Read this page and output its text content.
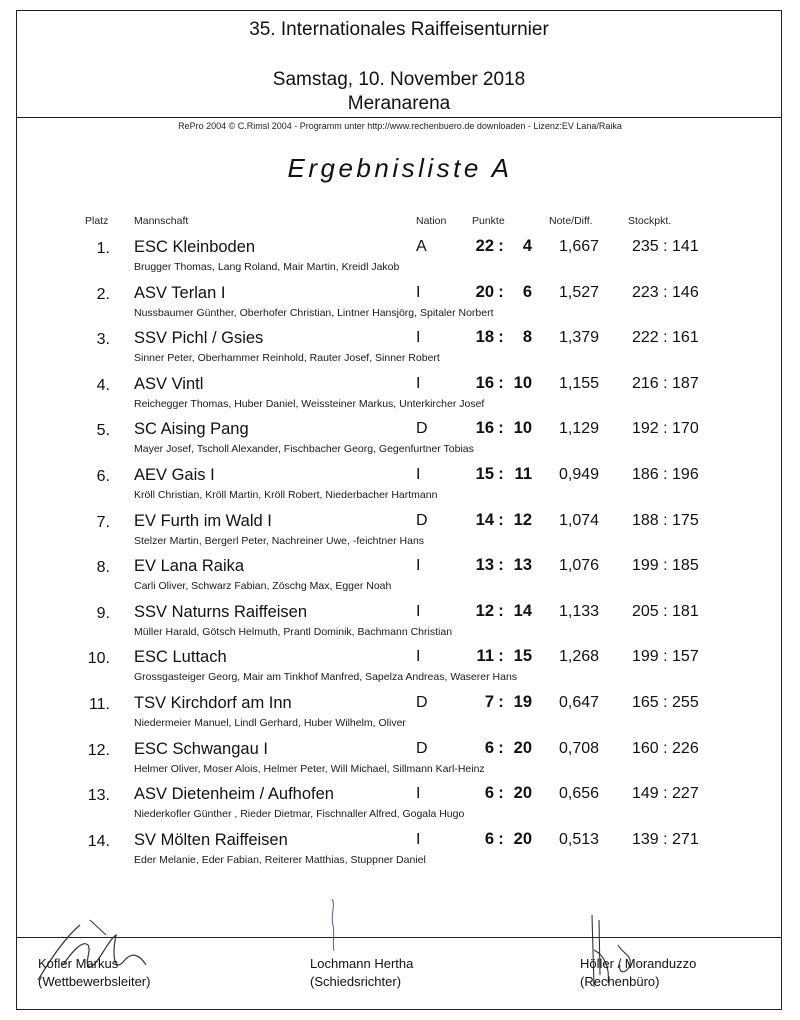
35. Internationales Raiffeisenturnier
Samstag, 10. November 2018
Meranarena
RePro 2004 © C.Rimsl 2004 - Programm unter http://www.rechenbuero.de downloaden - Lizenz:EV Lana/Raika
Ergebnisliste A
Platz Mannschaft	Nation Punkte	Note/Diff.	Stockpkt.
1. ESC Kleinboden	A	22 :	4 1,667 235 : 141
Brugger Thomas, Lang Roland, Mair Martin, Kreidl Jakob
2. ASV Terlan I	I	20 :	6 1,527 223 : 146
Nussbaumer Günther, Oberhofer Christian, Lintner Hansjörg, Spitaler Norbert
3. SSV Pichl / Gsies	I	18 :	8 1,379 222 : 161
Sinner Peter, Oberhammer Reinhold, Rauter Josef, Sinner Robert
4. ASV Vintl	I	16 : 10 1,155 216 : 187
Reichegger Thomas, Huber Daniel, Weissteiner Markus, Unterkircher Josef
5. SC Aising Pang	D	16 : 10 1,129 192 : 170
Mayer Josef, Tscholl Alexander, Fischbacher Georg, Gegenfurtner Tobias
6. AEV Gais I	I	15 : 11 0,949 186 : 196
Kröll Christian, Kröll Martin, Kröll Robert, Niederbacher Hartmann
7. EV Furth im Wald I	D	14 : 12 1,074 188 : 175
Stelzer Martin, Bergerl Peter, Nachreiner Uwe, -feichtner Hans
8. EV Lana Raika	I	13 : 13 1,076 199 : 185
Carli Oliver, Schwarz Fabian, Zöschg Max, Egger Noah
9. SSV Naturns Raiffeisen	I	12 : 14 1,133 205 : 181
Müller Harald, Götsch Helmuth, Prantl Dominik, Bachmann Christian
10. ESC Luttach	I	11 : 15 1,268 199 : 157
Grossgasteiger Georg, Mair am Tinkhof Manfred, Sapelza Andreas, Waserer Hans
11. TSV Kirchdorf am Inn	D	7 : 19 0,647 165 : 255
Niedermeier Manuel, Lindl Gerhard, Huber Wilhelm, Oliver
12. ESC Schwangau I	D	6 : 20 0,708 160 : 226
Helmer Oliver, Moser Alois, Helmer Peter, Will Michael, Sillmann Karl-Heinz
13. ASV Dietenheim / Aufhofen	I	6 : 20 0,656 149 : 227
Niederkofler Günther , Rieder Dietmar, Fischnaller Alfred, Gogala Hugo
14. SV Mölten Raiffeisen	I	6 : 20 0,513 139 : 271
Eder Melanie, Eder Fabian, Reiterer Matthias, Stuppner Daniel
Kofler Markus
(Wettbewerbsleiter)
Lochmann Hertha
(Schiedsrichter)
Höller / Moranduzzo
(Rechenbüro)
